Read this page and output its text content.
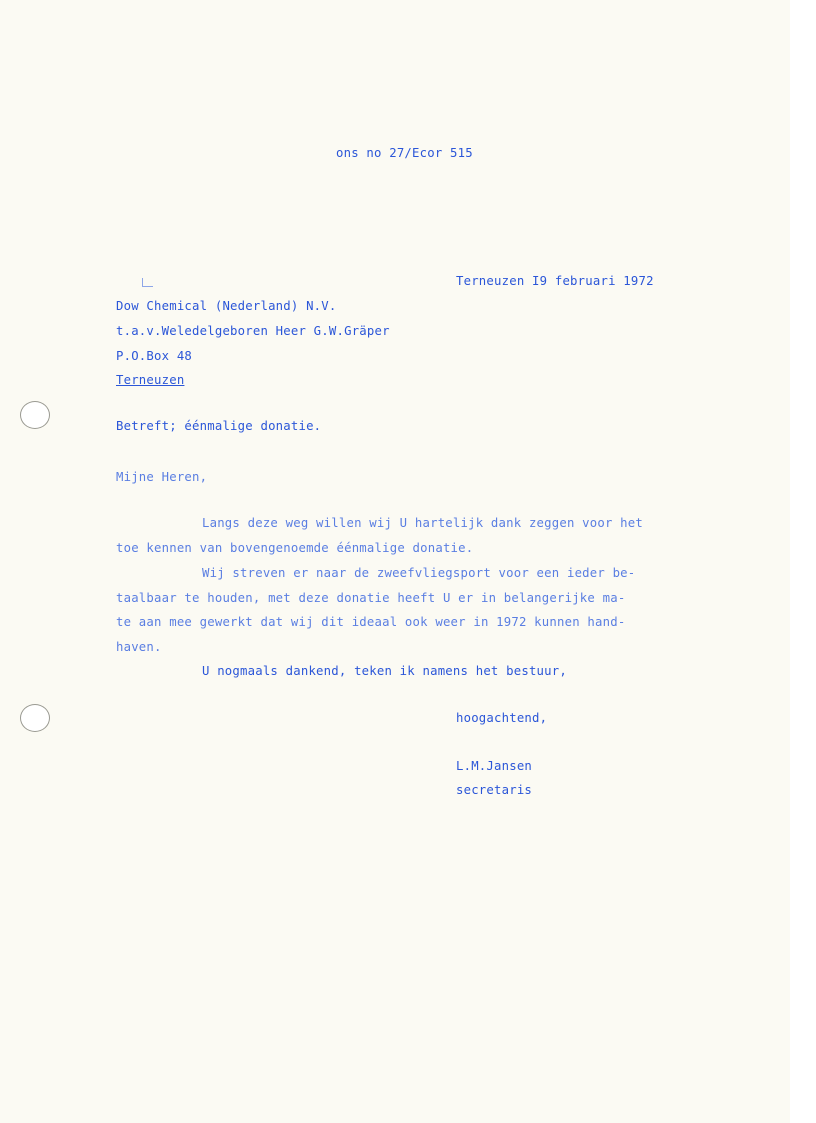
ons no 27/Ecor 515
Terneuzen I9 februari 1972
Dow Chemical (Nederland) N.V.
t.a.v.Weledelgeboren Heer G.W.Gräper
P.O.Box 48
Terneuzen
Betreft; éénmalige donatie.
Mijne Heren,
Langs deze weg willen wij U hartelijk dank zeggen voor het
toe kennen van bovengenoemde éénmalige donatie.
Wij streven er naar de zweefvliegsport voor een ieder be-
taalbaar te houden, met deze donatie heeft U er in belangerijke ma-
te aan mee gewerkt dat wij dit ideaal ook weer in 1972 kunnen hand-
haven.
U nogmaals dankend, teken ik namens het bestuur,
hoogachtend,
L.M.Jansen
secretaris
